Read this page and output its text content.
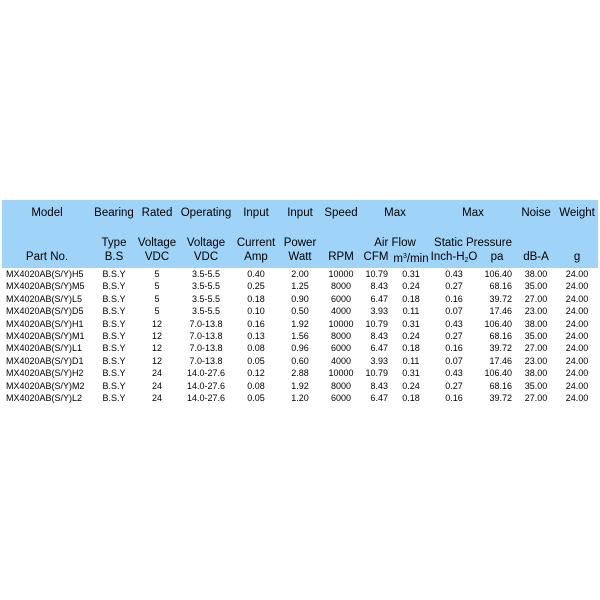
Model	Bearing	Rated	Operating	Input	Input	Speed	Max		Max		Noise	Weight

	Type	Voltage	Voltage	Current	Power		Air Flow		Static Pressure			
Part No.	B.S	VDC	VDC	Amp	Watt	RPM	CFM	$m^3/\min$	Inch-$H_2O$	pa	dB-A	g
MX4020AB(S/Y)H5	B.S.Y	5	3.5-5.5	0.40	2.00	10000	10.79	0.31	0.43	106.40	38.00	24.00
MX4020AB(S/Y)M5	B.S.Y	5	3.5-5.5	0.25	1.25	8000	8.43	0.24	0.27	68.16	35.00	24.00
MX4020AB(S/Y)L5	B.S.Y	5	3.5-5.5	0.18	0.90	6000	6.47	0.18	0.16	39.72	27.00	24.00
MX4020AB(S/Y)D5	B.S.Y	5	3.5-5.5	0.10	0.50	4000	3.93	0.11	0.07	17.46	23.00	24.00
MX4020AB(S/Y)H1	B.S.Y	12	7.0-13.8	0.16	1.92	10000	10.79	0.31	0.43	106.40	38.00	24.00
MX4020AB(S/Y)M1	B.S.Y	12	7.0-13.8	0.13	1.56	8000	8.43	0.24	0.27	68.16	35.00	24.00
MX4020AB(S/Y)L1	B.S.Y	12	7.0-13.8	0.08	0.96	6000	6.47	0.18	0.16	39.72	27.00	24.00
MX4020AB(S/Y)D1	B.S.Y	12	7.0-13.8	0.05	0.60	4000	3.93	0.11	0.07	17.46	23.00	24.00
MX4020AB(S/Y)H2	B.S.Y	24	14.0-27.6	0.12	2.88	10000	10.79	0.31	0.43	106.40	38.00	24.00
MX4020AB(S/Y)M2	B.S.Y	24	14.0-27.6	0.08	1.92	8000	8.43	0.24	0.27	68.16	35.00	24.00
MX4020AB(S/Y)L2	B.S.Y	24	14.0-27.6	0.05	1.20	6000	6.47	0.18	0.16	39.72	27.00	24.00
